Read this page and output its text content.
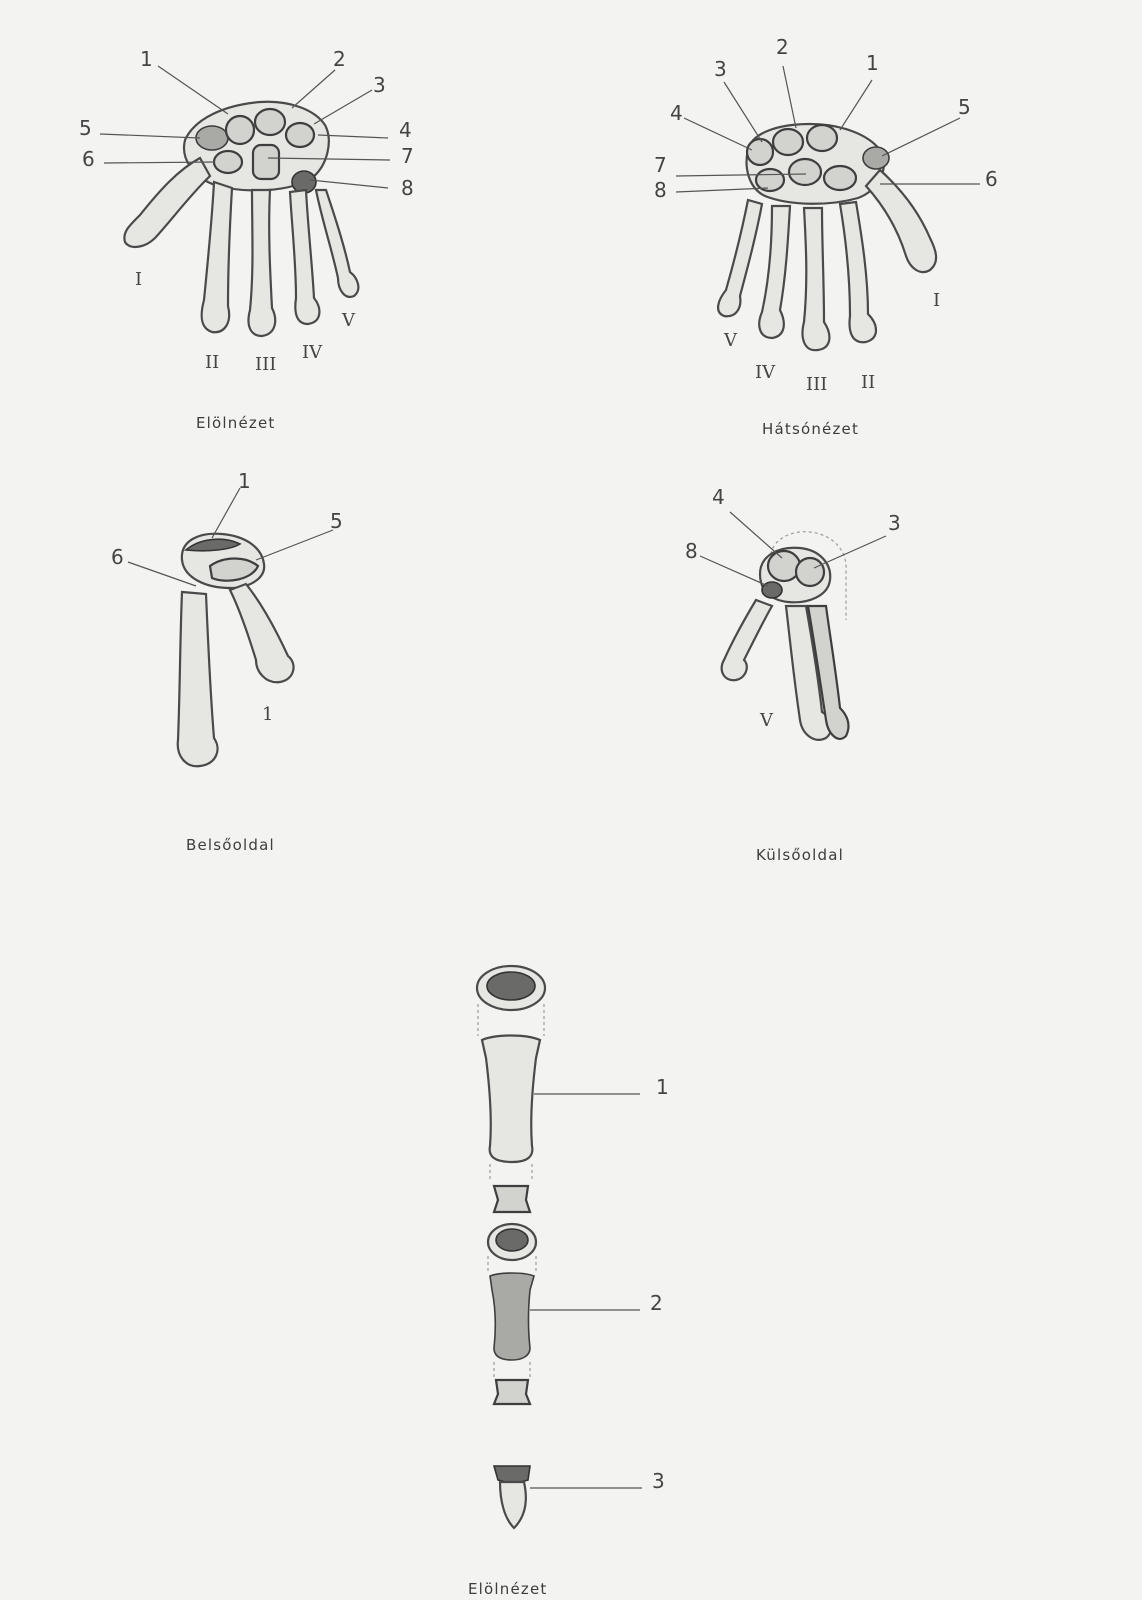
1	2
3
4
5
6	7
8
I
II III
IV
V
Elölnézet
1
2
3
4	5
6
7
8
I
II
III
IV
V
Hátsónézet
1
5
6
1
Belsőoldal
3
4
8
V
Külsőoldal
1
2
3
Elölnézet
